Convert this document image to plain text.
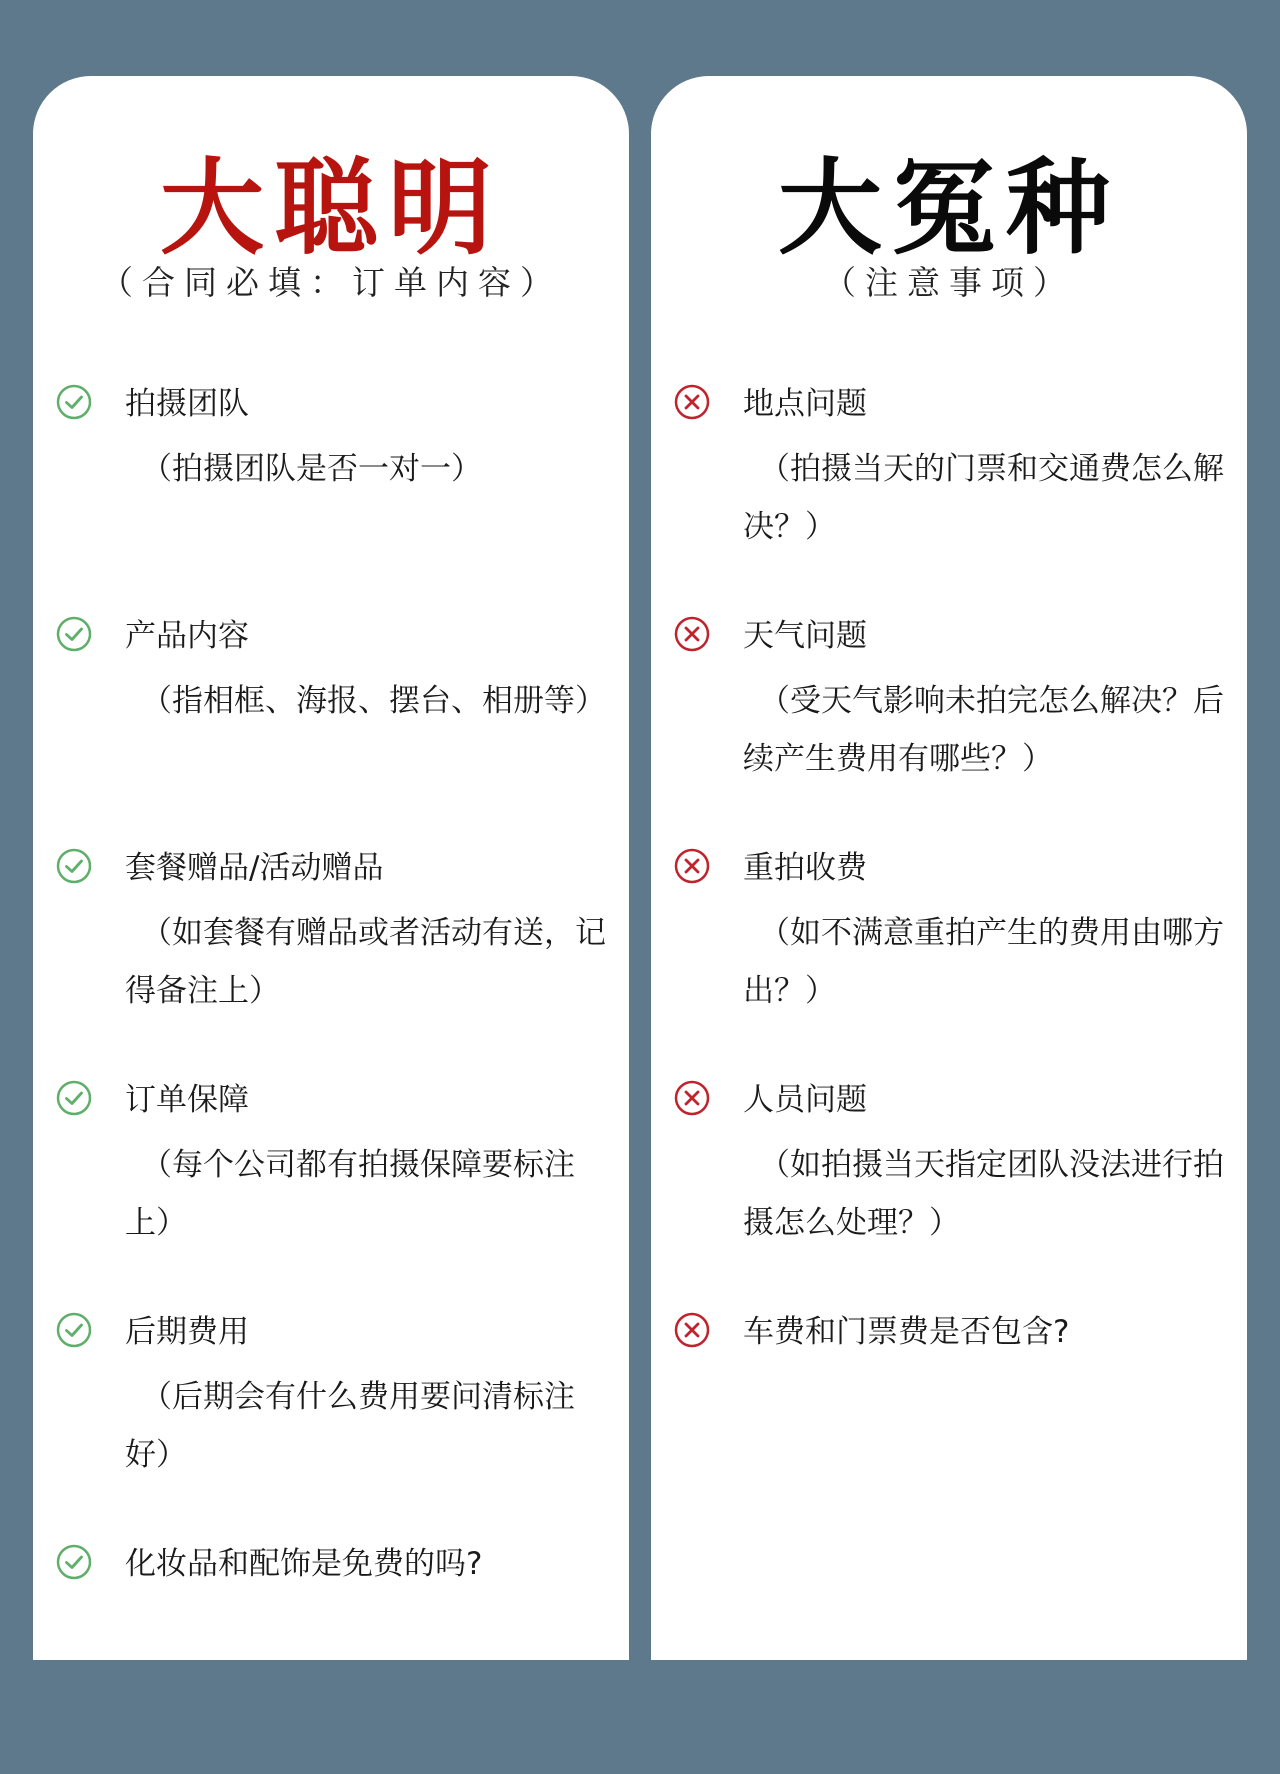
大聪明
（合同必填：订单内容）
拍摄团队
（拍摄团队是否一对一）
产品内容
（指相框、海报、摆台、相册等）
套餐赠品/活动赠品
（如套餐有赠品或者活动有送，记得备注上）
订单保障
（每个公司都有拍摄保障要标注上）
后期费用
（后期会有什么费用要问清标注好）
化妆品和配饰是免费的吗?
大冤种
（注意事项）
地点问题
（拍摄当天的门票和交通费怎么解决？）
天气问题
（受天气影响未拍完怎么解决？后续产生费用有哪些？）
重拍收费
（如不满意重拍产生的费用由哪方出？）
人员问题
（如拍摄当天指定团队没法进行拍摄怎么处理？）
车费和门票费是否包含?
